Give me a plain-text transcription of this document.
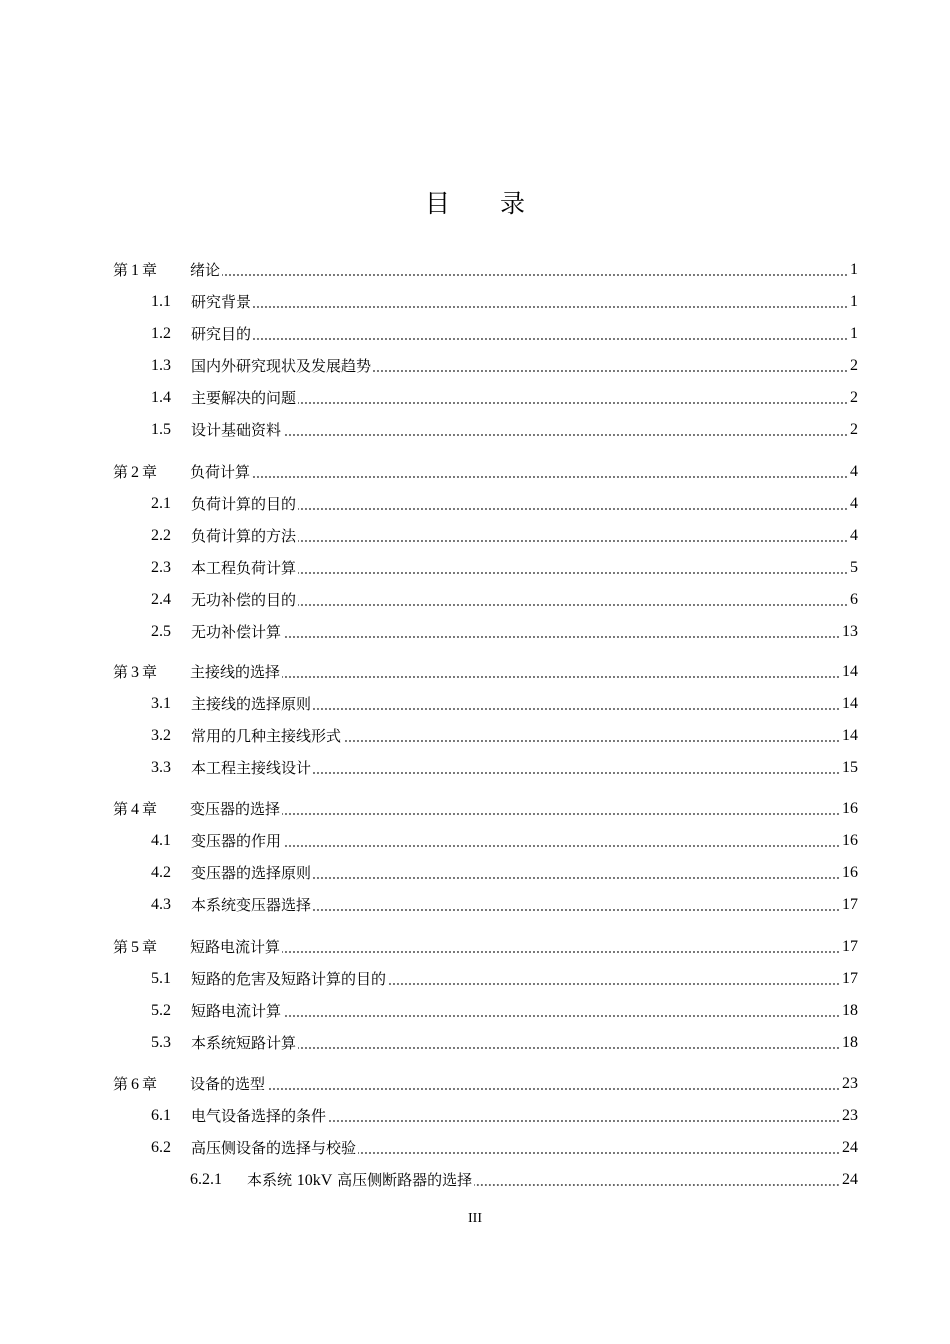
目 录
第 1 章 绪论	1
1.1 研究背景	1
1.2 研究目的	1
1.3 国内外研究现状及发展趋势	2
1.4 主要解决的问题	2
1.5 设计基础资料	2
第 2 章 负荷计算	4
2.1 负荷计算的目的	4
2.2 负荷计算的方法	4
2.3 本工程负荷计算	5
2.4 无功补偿的目的	6
2.5 无功补偿计算	13
第 3 章 主接线的选择	14
3.1 主接线的选择原则	14
3.2 常用的几种主接线形式	14
3.3 本工程主接线设计	15
第 4 章 变压器的选择	16
4.1 变压器的作用	16
4.2 变压器的选择原则	16
4.3 本系统变压器选择	17
第 5 章 短路电流计算	17
5.1 短路的危害及短路计算的目的	17
5.2 短路电流计算	18
5.3 本系统短路计算	18
第 6 章 设备的选型	23
6.1 电气设备选择的条件	23
6.2 高压侧设备的选择与校验	24
6.2.1 本系统 10kV 高压侧断路器的选择	24
III
